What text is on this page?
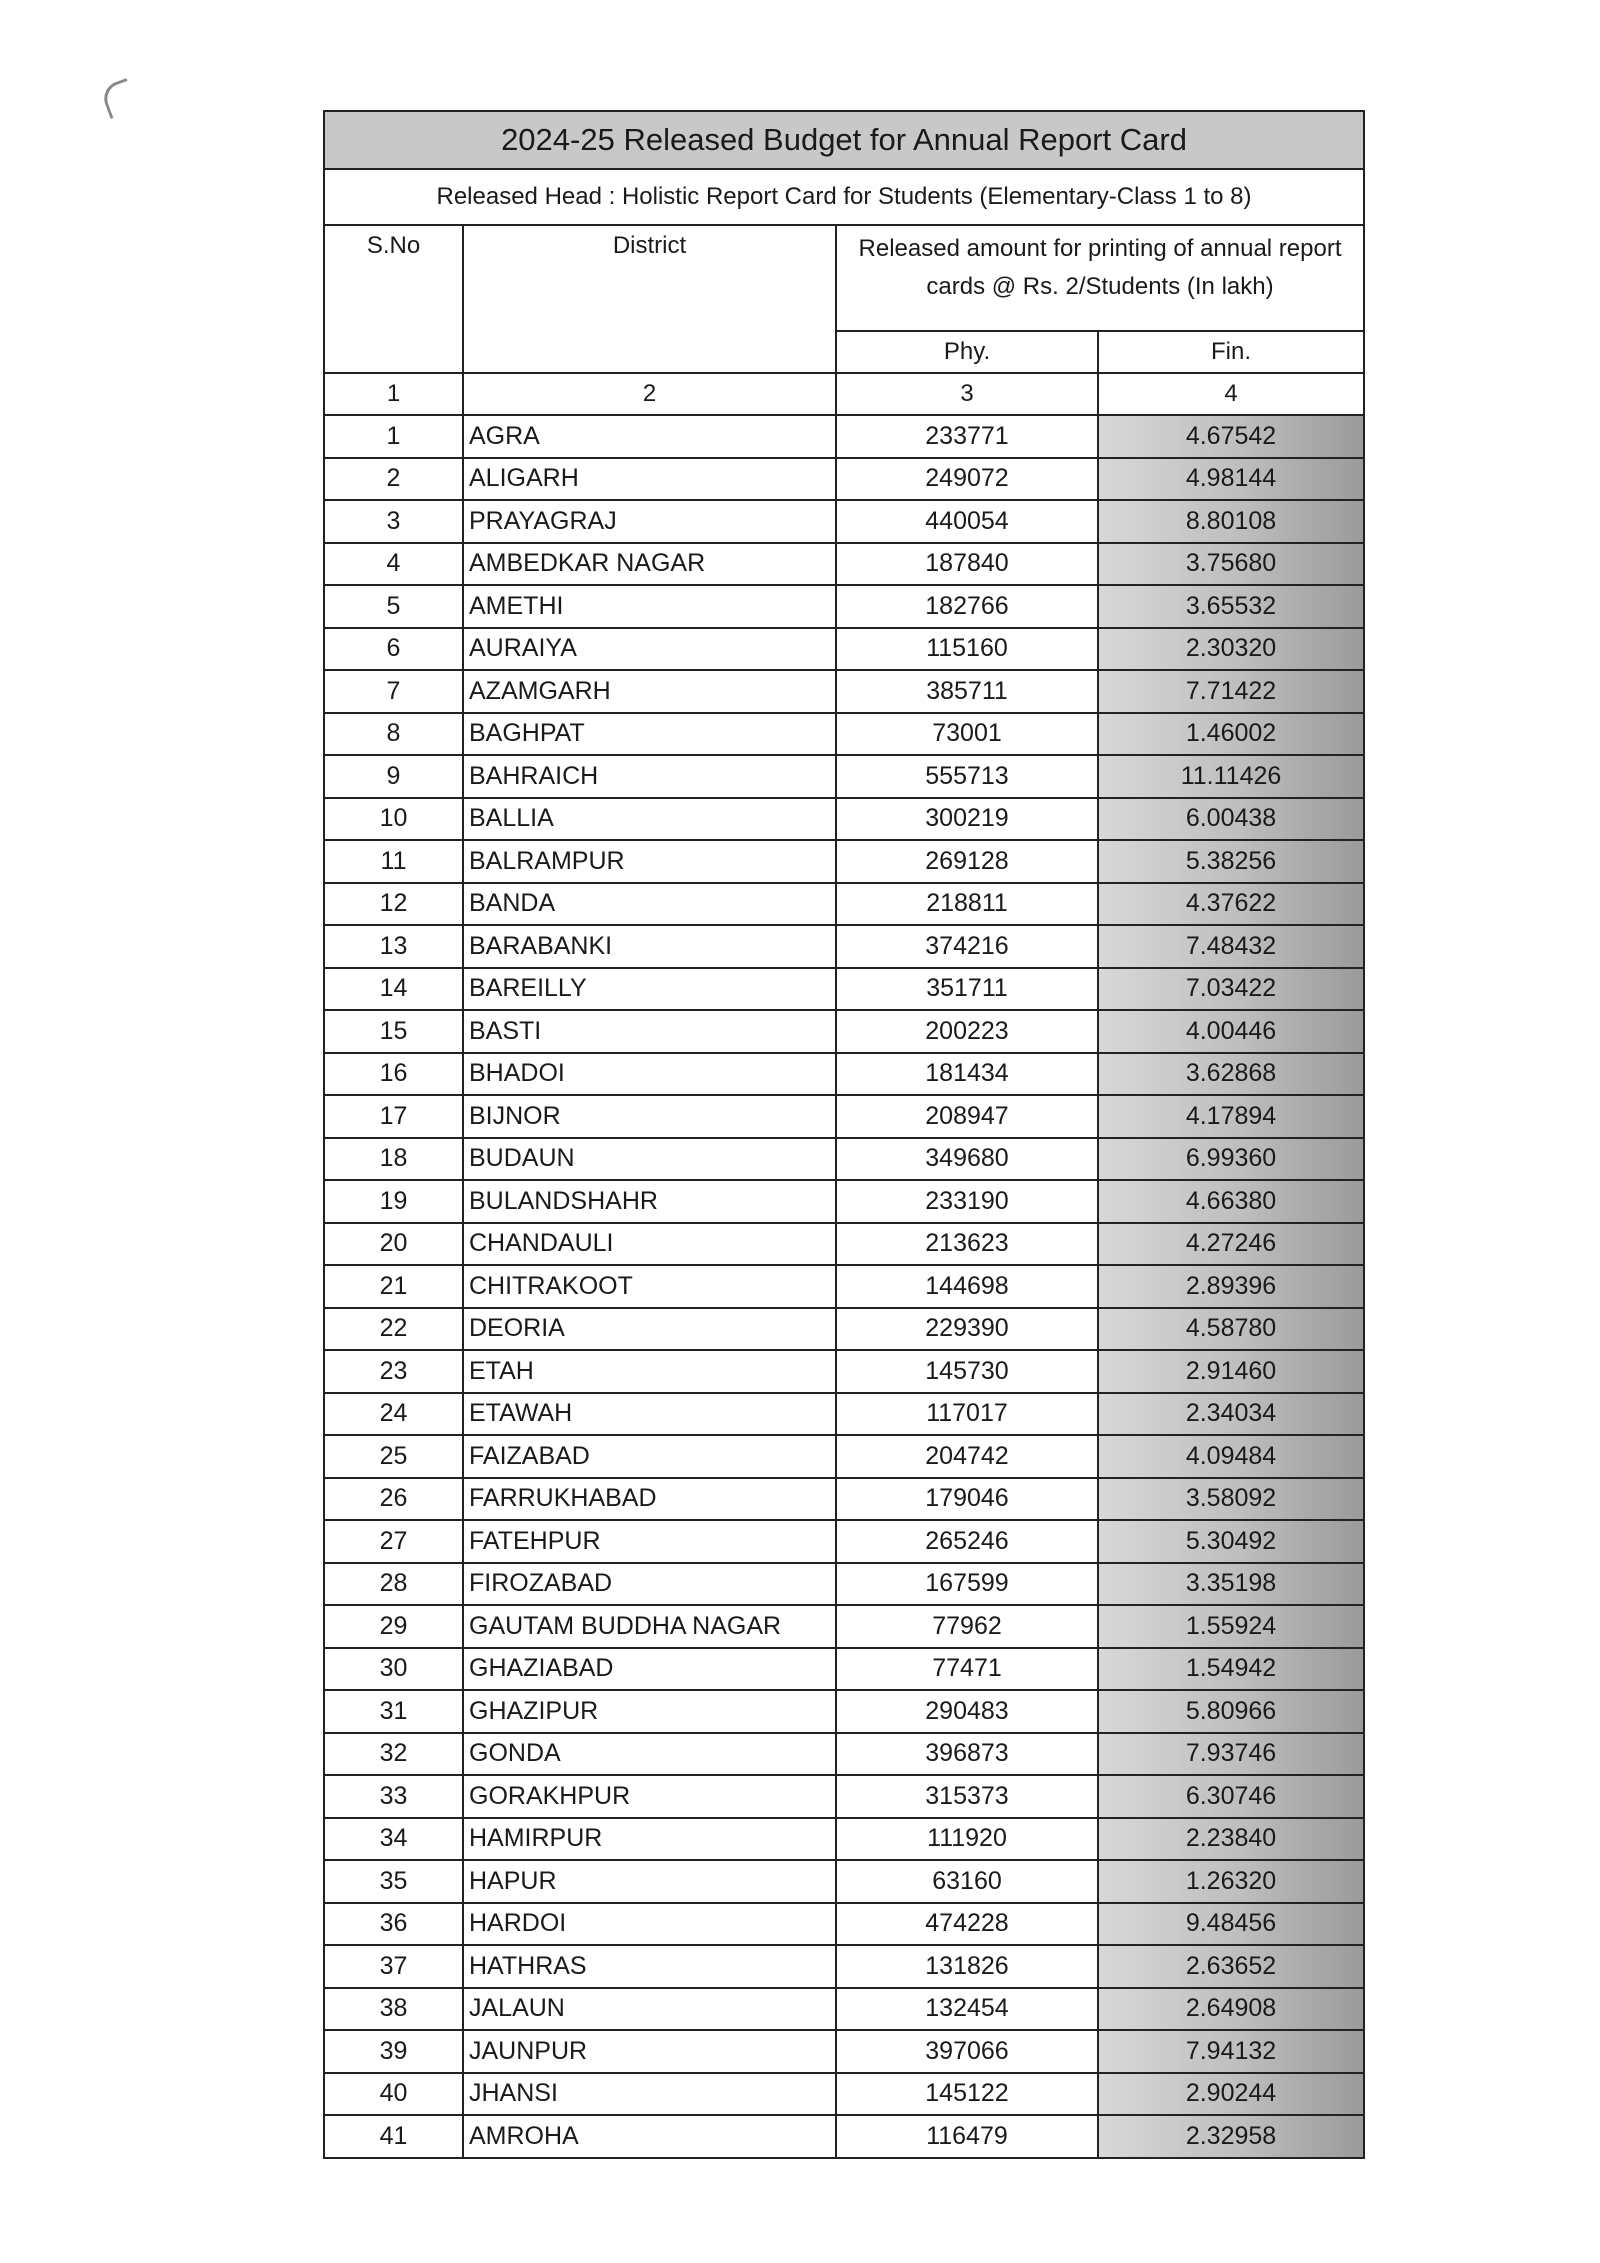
2024-25 Released Budget for Annual Report Card			
Released Head : Holistic Report Card for Students (Elementary-Class 1 to 8)			
S.No	District	Released amount for printing of annual report cards @ Rs. 2/Students (In lakh)	
		Phy.	Fin.
1	2	3	4
1	AGRA	233771	4.67542
2	ALIGARH	249072	4.98144
3	PRAYAGRAJ	440054	8.80108
4	AMBEDKAR NAGAR	187840	3.75680
5	AMETHI	182766	3.65532
6	AURAIYA	115160	2.30320
7	AZAMGARH	385711	7.71422
8	BAGHPAT	73001	1.46002
9	BAHRAICH	555713	11.11426
10	BALLIA	300219	6.00438
11	BALRAMPUR	269128	5.38256
12	BANDA	218811	4.37622
13	BARABANKI	374216	7.48432
14	BAREILLY	351711	7.03422
15	BASTI	200223	4.00446
16	BHADOI	181434	3.62868
17	BIJNOR	208947	4.17894
18	BUDAUN	349680	6.99360
19	BULANDSHAHR	233190	4.66380
20	CHANDAULI	213623	4.27246
21	CHITRAKOOT	144698	2.89396
22	DEORIA	229390	4.58780
23	ETAH	145730	2.91460
24	ETAWAH	117017	2.34034
25	FAIZABAD	204742	4.09484
26	FARRUKHABAD	179046	3.58092
27	FATEHPUR	265246	5.30492
28	FIROZABAD	167599	3.35198
29	GAUTAM BUDDHA NAGAR	77962	1.55924
30	GHAZIABAD	77471	1.54942
31	GHAZIPUR	290483	5.80966
32	GONDA	396873	7.93746
33	GORAKHPUR	315373	6.30746
34	HAMIRPUR	111920	2.23840
35	HAPUR	63160	1.26320
36	HARDOI	474228	9.48456
37	HATHRAS	131826	2.63652
38	JALAUN	132454	2.64908
39	JAUNPUR	397066	7.94132
40	JHANSI	145122	2.90244
41	AMROHA	116479	2.32958
